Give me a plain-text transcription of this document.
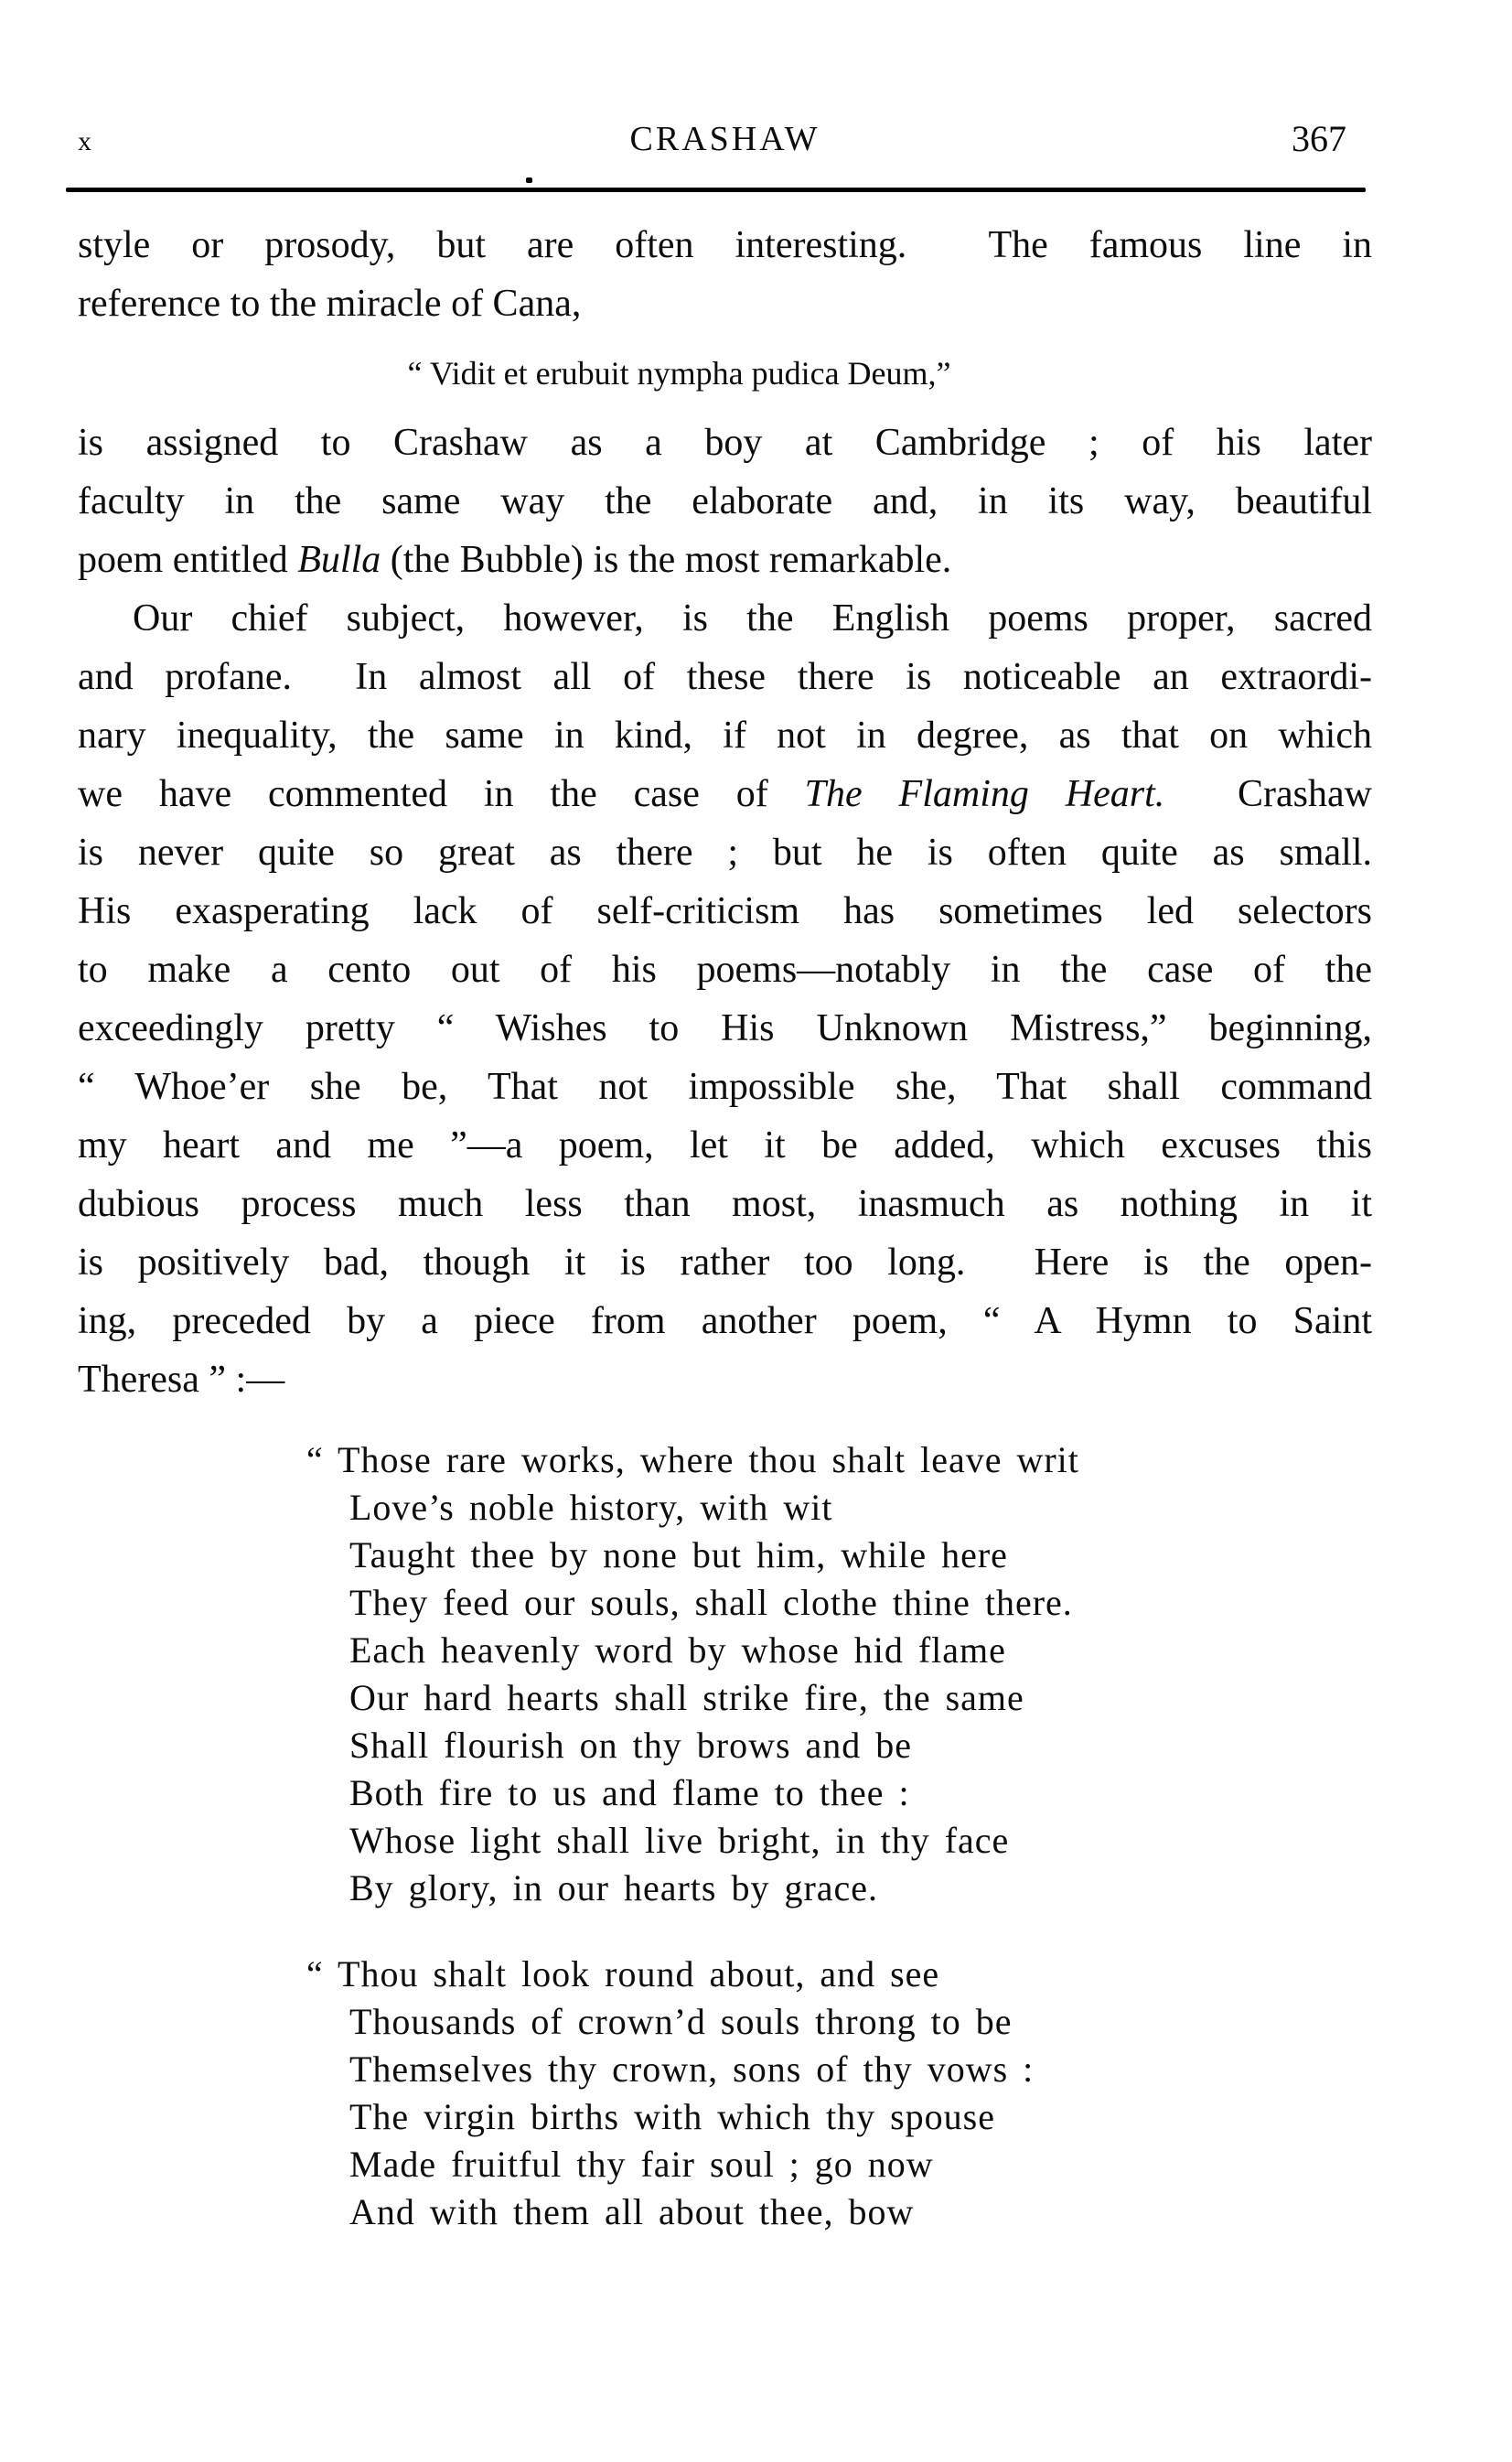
x	CRASHAW	367
style or prosody, but are often interesting.  The famous line in
reference to the miracle of Cana,
“ Vidit et erubuit nympha pudica Deum,”
is assigned to Crashaw as a boy at Cambridge ; of his later
faculty in the same way the elaborate and, in its way, beautiful
poem entitled Bulla (the Bubble) is the most remarkable.
Our chief subject, however, is the English poems proper, sacred
and profane.  In almost all of these there is noticeable an extraordi-
nary inequality, the same in kind, if not in degree, as that on which
we have commented in the case of The Flaming Heart.  Crashaw
is never quite so great as there ; but he is often quite as small.
His exasperating lack of self-criticism has sometimes led selectors
to make a cento out of his poems—notably in the case of the
exceedingly pretty “ Wishes to His Unknown Mistress,” beginning,
“ Whoe’er she be, That not impossible she, That shall command
my heart and me ”—a poem, let it be added, which excuses this
dubious process much less than most, inasmuch as nothing in it
is positively bad, though it is rather too long.  Here is the open-
ing, preceded by a piece from another poem, “ A Hymn to Saint
Theresa ” :—
“ Those rare works, where thou shalt leave writ
Love’s noble history, with wit
Taught thee by none but him, while here
They feed our souls, shall clothe thine there.
Each heavenly word by whose hid flame
Our hard hearts shall strike fire, the same
Shall flourish on thy brows and be
Both fire to us and flame to thee :
Whose light shall live bright, in thy face
By glory, in our hearts by grace.
“ Thou shalt look round about, and see
Thousands of crown’d souls throng to be
Themselves thy crown, sons of thy vows :
The virgin births with which thy spouse
Made fruitful thy fair soul ; go now
And with them all about thee, bow
